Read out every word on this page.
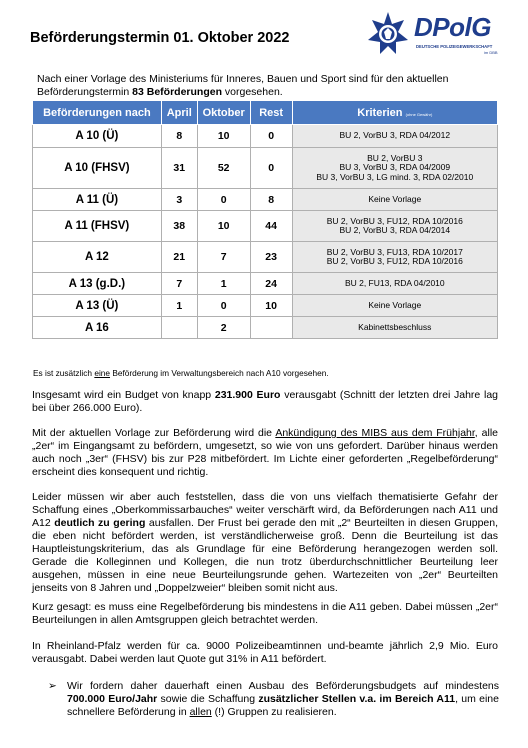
Beförderungstermin 01. Oktober 2022	DPolG
DEUTSCHE POLIZEIGEWERKSCHAFT
im DBB
Nach einer Vorlage des Ministeriums für Inneres, Bauen und Sport sind für den aktuellen
Beförderungstermin 83 Beförderungen vorgesehen.
Beförderungen nach	April	Oktober	Rest	Kriterien (ohne Gewähr)
A 10 (Ü)	8	10	0	BU 2, VorBU 3, RDA 04/2012

A 10 (FHSV)	31	52	0	BU 2, VorBU 3
BU 3, VorBU 3, RDA 04/2009
BU 3, VorBU 3, LG mind. 3, RDA 02/2010

A 11 (Ü)	3	0	8	Keine Vorlage

A 11 (FHSV)	38	10	44	BU 2, VorBU 3, FU12, RDA 10/2016
BU 2, VorBU 3, RDA 04/2014

A 12	21	7	23	BU 2, VorBU 3, FU13, RDA 10/2017
BU 2, VorBU 3, FU12, RDA 10/2016

A 13 (g.D.)	7	1	24	BU 2, FU13, RDA 04/2010

A 13 (Ü)	1	0	10	Keine Vorlage

A 16		2		Kabinettsbeschluss
Es ist zusätzlich eine Beförderung im Verwaltungsbereich nach A10 vorgesehen.
Insgesamt wird ein Budget von knapp 231.900 Euro verausgabt (Schnitt der letzten drei Jahre lag bei über 266.000 Euro).
Mit der aktuellen Vorlage zur Beförderung wird die Ankündigung des MIBS aus dem Frühjahr, alle „2er“ im Eingangsamt zu befördern, umgesetzt, so wie von uns gefordert. Darüber hinaus werden auch noch „3er“ (FHSV) bis zur P28 mitbefördert. Im Lichte einer geforderten „Regelbeförderung“ erscheint dies konsequent und richtig.
Leider müssen wir aber auch feststellen, dass die von uns vielfach thematisierte Gefahr der Schaffung eines „Oberkommissarbauches“ weiter verschärft wird, da Beförderungen nach A11 und A12 deutlich zu gering ausfallen. Der Frust bei gerade den mit „2“ Beurteilten in diesen Gruppen, die eben nicht befördert werden, ist verständlicherweise groß. Denn die Beurteilung ist das Hauptleistungskriterium, das als Grundlage für eine Beförderung herangezogen werden soll. Gerade die Kolleginnen und Kollegen, die nun trotz überdurchschnittlicher Beurteilung leer ausgehen, müssen in eine neue Beurteilungsrunde gehen. Wartezeiten von „2er“ Beurteilten jenseits von 8 Jahren und „Doppelzweier“ bleiben somit nicht aus.
Kurz gesagt: es muss eine Regelbeförderung bis mindestens in die A11 geben. Dabei müssen „2er“ Beurteilungen in allen Amtsgruppen gleich betrachtet werden.
In Rheinland-Pfalz werden für ca. 9000 Polizeibeamtinnen und-beamte jährlich 2,9 Mio. Euro verausgabt. Dabei werden laut Quote gut 31% in A11 befördert.
➢ Wir fordern daher dauerhaft einen Ausbau des Beförderungsbudgets auf mindestens 700.000 Euro/Jahr sowie die Schaffung zusätzlicher Stellen v.a. im Bereich A11, um eine schnellere Beförderung in allen (!) Gruppen zu realisieren.
